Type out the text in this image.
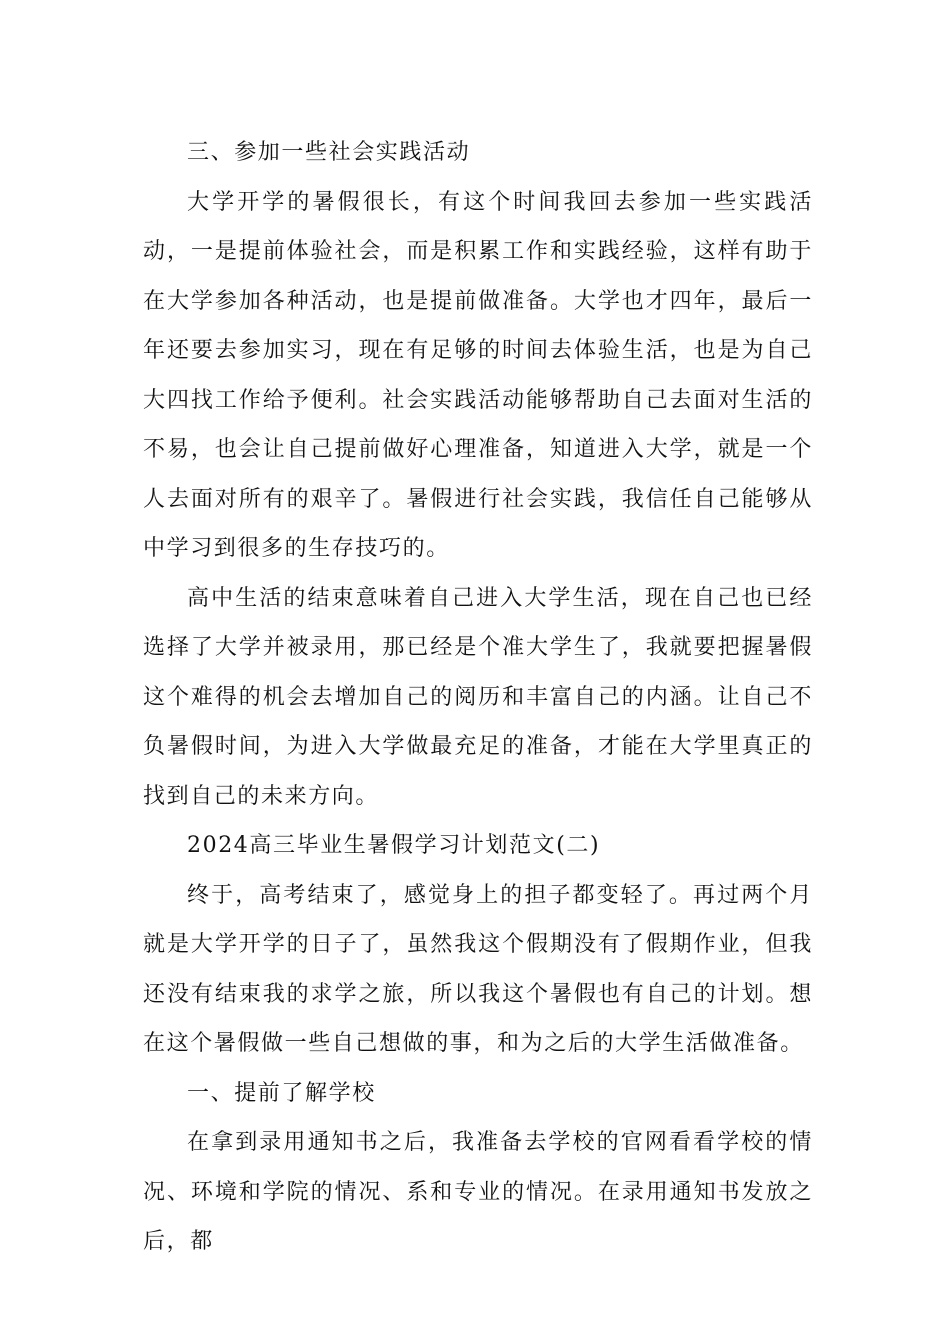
三、参加一些社会实践活动

大学开学的暑假很长，有这个时间我回去参加一些实践活动，一是提前体验社会，而是积累工作和实践经验，这样有助于在大学参加各种活动，也是提前做准备。大学也才四年，最后一年还要去参加实习，现在有足够的时间去体验生活，也是为自己大四找工作给予便利。社会实践活动能够帮助自己去面对生活的不易，也会让自己提前做好心理准备，知道进入大学，就是一个人去面对所有的艰辛了。暑假进行社会实践，我信任自己能够从中学习到很多的生存技巧的。

高中生活的结束意味着自己进入大学生活，现在自己也已经选择了大学并被录用，那已经是个准大学生了，我就要把握暑假这个难得的机会去增加自己的阅历和丰富自己的内涵。让自己不负暑假时间，为进入大学做最充足的准备，才能在大学里真正的找到自己的未来方向。

2024高三毕业生暑假学习计划范文(二)

终于，高考结束了，感觉身上的担子都变轻了。再过两个月就是大学开学的日子了，虽然我这个假期没有了假期作业，但我还没有结束我的求学之旅，所以我这个暑假也有自己的计划。想在这个暑假做一些自己想做的事，和为之后的大学生活做准备。

一、提前了解学校

在拿到录用通知书之后，我准备去学校的官网看看学校的情况、环境和学院的情况、系和专业的情况。在录用通知书发放之后，都
